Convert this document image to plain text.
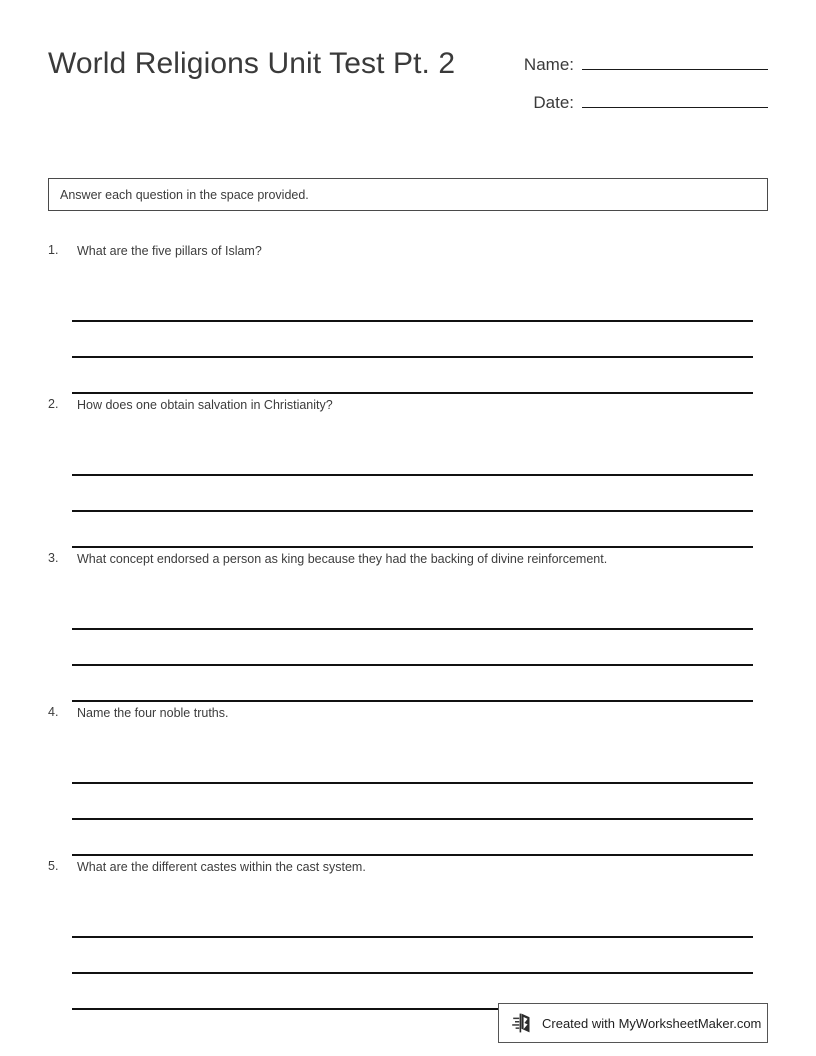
World Religions Unit Test Pt. 2	Name:
Date:
Answer each question in the space provided.
1.	What are the five pillars of Islam?
2.	How does one obtain salvation in Christianity?
3.	What concept endorsed a person as king because they had the backing of divine reinforcement.
4.	Name the four noble truths.
5.	What are the different castes within the cast system.
Created with MyWorksheetMaker.com
